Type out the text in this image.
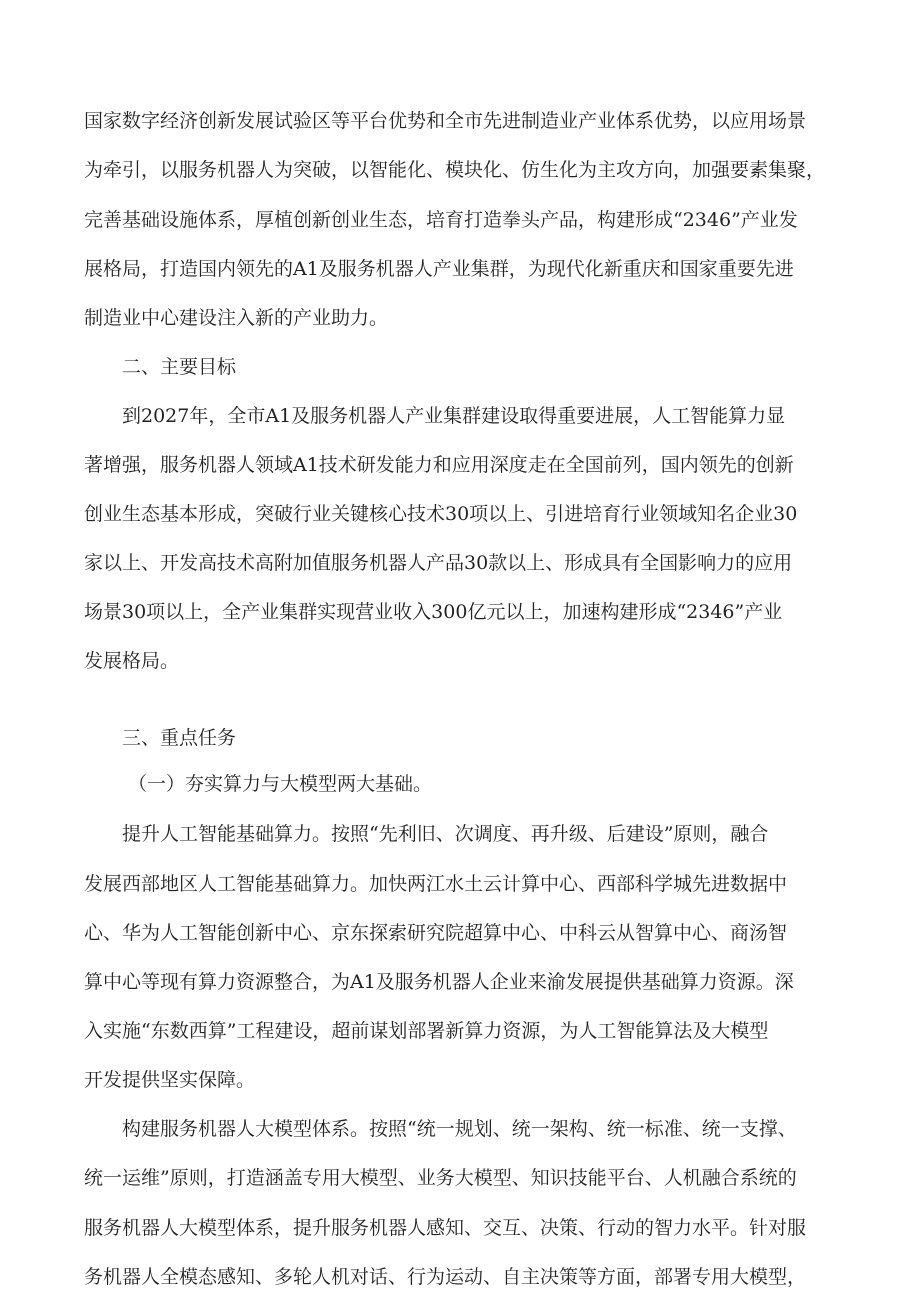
国家数字经济创新发展试验区等平台优势和全市先进制造业产业体系优势，以应用场景
为牵引，以服务机器人为突破，以智能化、模块化、仿生化为主攻方向，加强要素集聚，
完善基础设施体系，厚植创新创业生态，培育打造拳头产品，构建形成“2346”产业发
展格局，打造国内领先的A1及服务机器人产业集群，为现代化新重庆和国家重要先进
制造业中心建设注入新的产业助力。
二、主要目标
到2027年，全市A1及服务机器人产业集群建设取得重要进展，人工智能算力显
著增强，服务机器人领域A1技术研发能力和应用深度走在全国前列，国内领先的创新
创业生态基本形成，突破行业关键核心技术30项以上、引进培育行业领域知名企业30
家以上、开发高技术高附加值服务机器人产品30款以上、形成具有全国影响力的应用
场景30项以上，全产业集群实现营业收入300亿元以上，加速构建形成“2346”产业
发展格局。
三、重点任务
（一）夯实算力与大模型两大基础。
提升人工智能基础算力。按照“先利旧、次调度、再升级、后建设”原则，融合
发展西部地区人工智能基础算力。加快两江水土云计算中心、西部科学城先进数据中
心、华为人工智能创新中心、京东探索研究院超算中心、中科云从智算中心、商汤智
算中心等现有算力资源整合，为A1及服务机器人企业来渝发展提供基础算力资源。深
入实施“东数西算”工程建设，超前谋划部署新算力资源，为人工智能算法及大模型
开发提供坚实保障。
构建服务机器人大模型体系。按照“统一规划、统一架构、统一标准、统一支撑、
统一运维”原则，打造涵盖专用大模型、业务大模型、知识技能平台、人机融合系统的
服务机器人大模型体系，提升服务机器人感知、交互、决策、行动的智力水平。针对服
务机器人全模态感知、多轮人机对话、行为运动、自主决策等方面，部署专用大模型，
